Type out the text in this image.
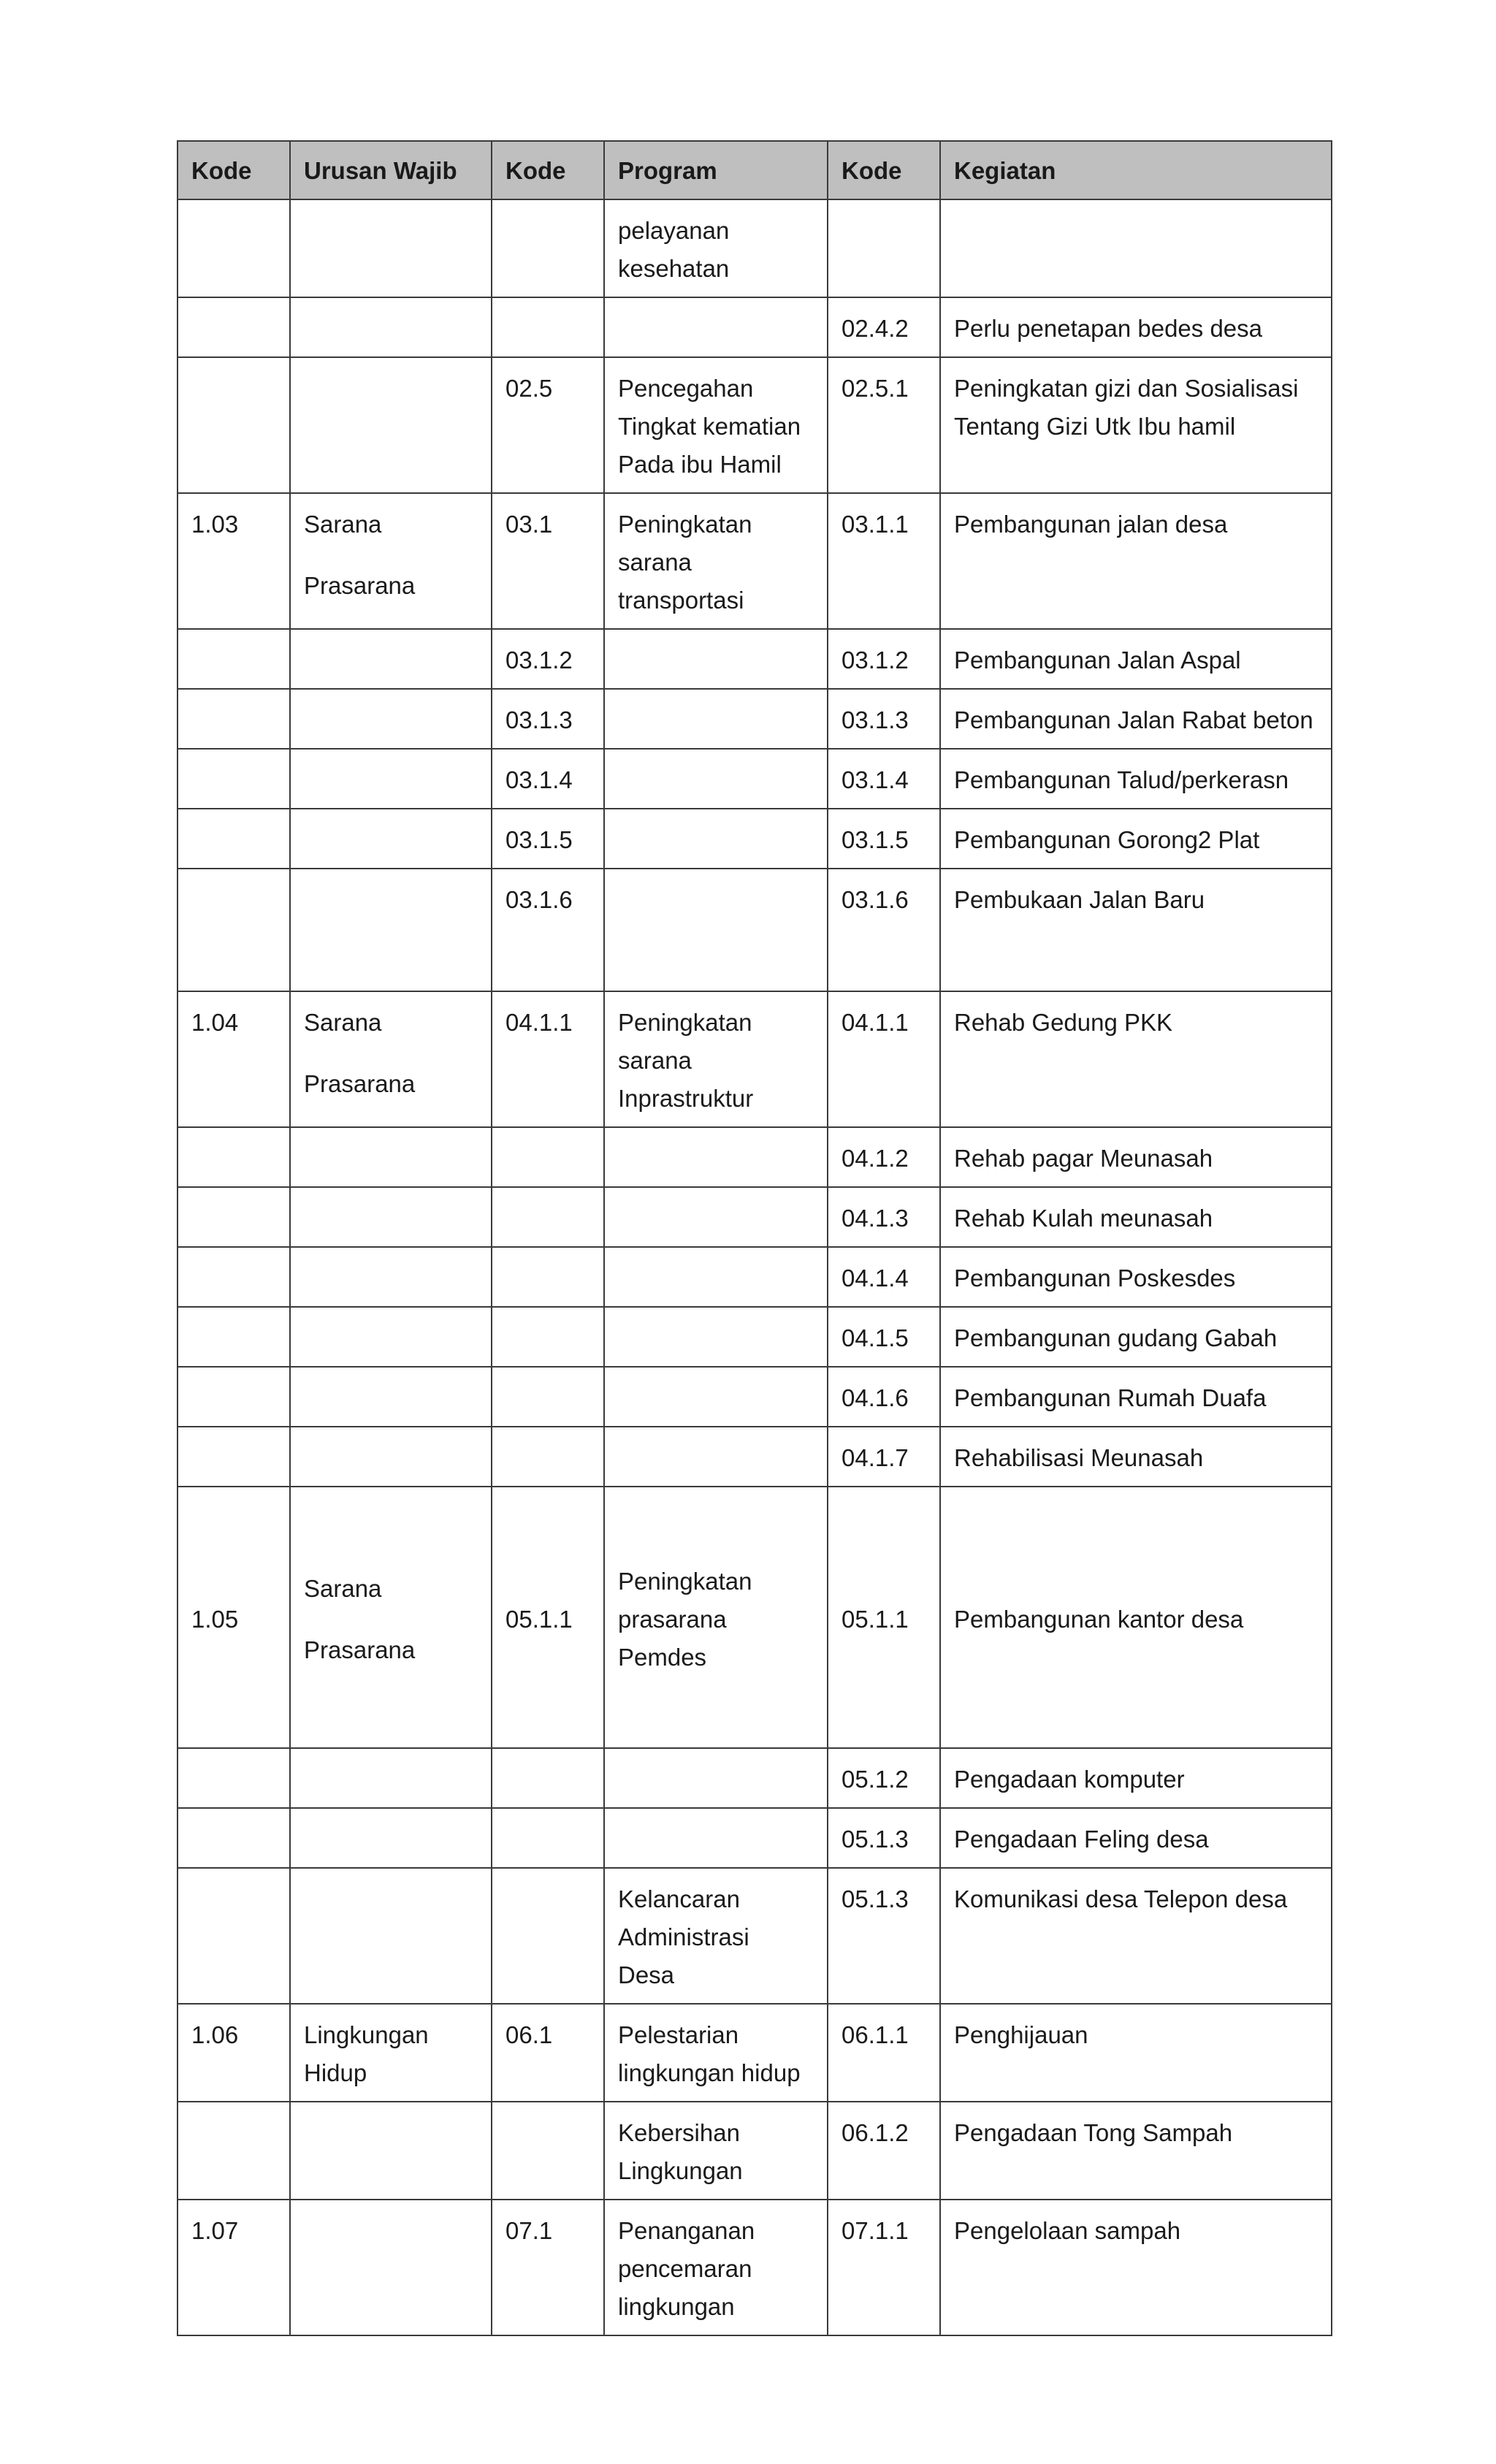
Kode	Urusan Wajib	Kode	Program	Kode	Kegiatan

			pelayanan
kesehatan		

				02.4.2	Perlu penetapan bedes desa

		02.5	Pencegahan
Tingkat kematian
Pada ibu Hamil	02.5.1	Peningkatan gizi dan Sosialisasi
Tentang Gizi Utk Ibu hamil

1.03	Sarana
Prasarana	03.1	Peningkatan
sarana
transportasi	03.1.1	Pembangunan jalan desa

		03.1.2		03.1.2	Pembangunan Jalan Aspal

		03.1.3		03.1.3	Pembangunan Jalan Rabat beton

		03.1.4		03.1.4	Pembangunan Talud/perkerasn

		03.1.5		03.1.5	Pembangunan Gorong2 Plat

		03.1.6		03.1.6	Pembukaan Jalan Baru

1.04	Sarana
Prasarana	04.1.1	Peningkatan
sarana
Inprastruktur	04.1.1	Rehab Gedung PKK

				04.1.2	Rehab pagar Meunasah

				04.1.3	Rehab Kulah meunasah

				04.1.4	Pembangunan Poskesdes

				04.1.5	Pembangunan gudang Gabah

				04.1.6	Pembangunan Rumah Duafa

				04.1.7	Rehabilisasi Meunasah

1.05	Sarana
Prasarana	05.1.1	Peningkatan
prasarana
Pemdes	05.1.1	Pembangunan kantor desa

				05.1.2	Pengadaan komputer

				05.1.3	Pengadaan Feling desa

			Kelancaran
Administrasi
Desa	05.1.3	Komunikasi desa Telepon desa

1.06	Lingkungan
Hidup	06.1	Pelestarian
lingkungan hidup	06.1.1	Penghijauan

			Kebersihan
Lingkungan	06.1.2	Pengadaan Tong Sampah

1.07		07.1	Penanganan
pencemaran
lingkungan	07.1.1	Pengelolaan sampah
